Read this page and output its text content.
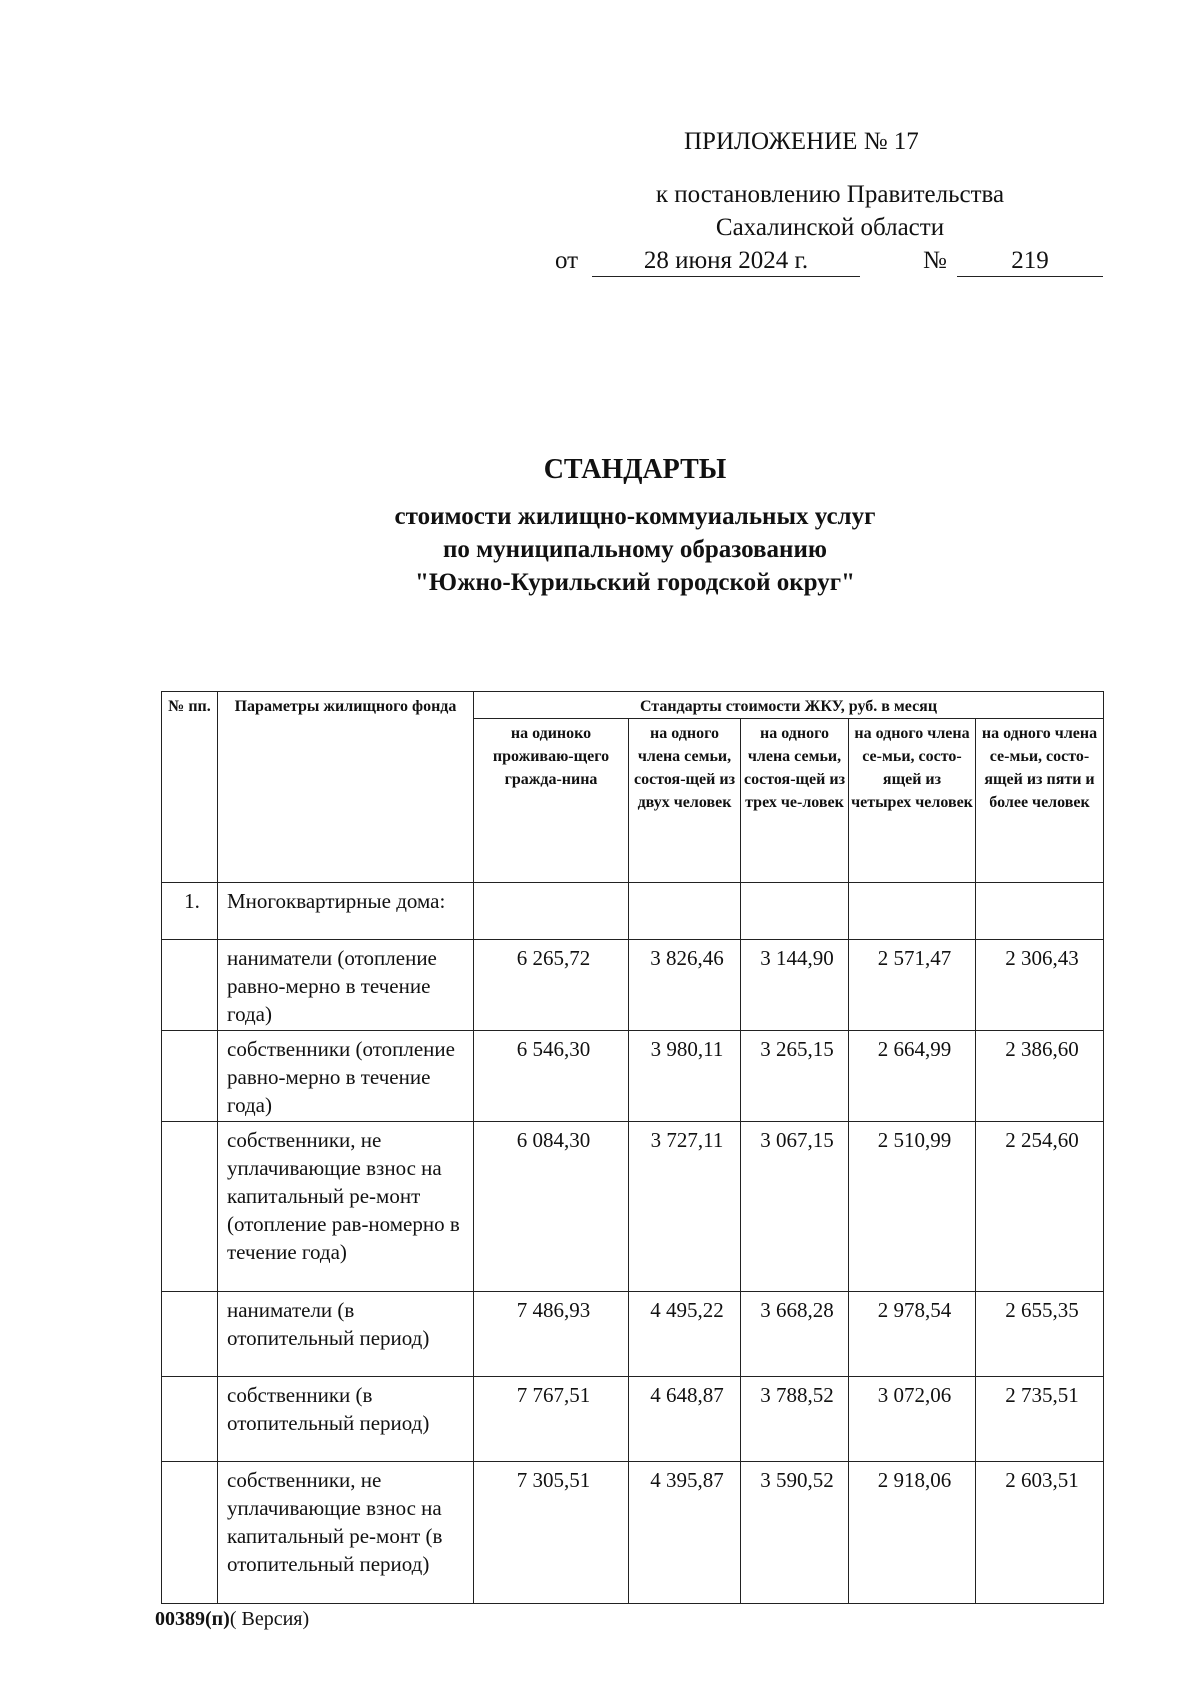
ПРИЛОЖЕНИЕ № 17
к постановлению Правительства
Сахалинской области
от	28 июня 2024 г.	№	219
СТАНДАРТЫ
стоимости жилищно-коммуиальных услуг
по муниципальному образованию
"Южно-Курильский городской округ"
№ пп.	Параметры жилищного фонда	Стандарты стоимости ЖКУ, руб. в месяц				
		на одиноко проживаю-щего гражда-нина	на одного члена семьи, состоя-щей из двух человек	на одного члена семьи, состоя-щей из трех че-ловек	на одного члена се-мьи, состо-ящей из четырех человек	на одного члена се-мьи, состо-ящей из пяти и более человек
1.	Многоквартирные дома:					
	наниматели (отопление равно-мерно в течение года)	6 265,72	3 826,46	3 144,90	2 571,47	2 306,43
	собственники (отопление равно-мерно в течение года)	6 546,30	3 980,11	3 265,15	2 664,99	2 386,60
	собственники, не уплачивающие взнос на капитальный ре-монт (отопление рав-номерно в течение года)	6 084,30	3 727,11	3 067,15	2 510,99	2 254,60
	наниматели (в отопительный период)	7 486,93	4 495,22	3 668,28	2 978,54	2 655,35
	собственники (в отопительный период)	7 767,51	4 648,87	3 788,52	3 072,06	2 735,51
	собственники, не уплачивающие взнос на капитальный ре-монт (в отопительный период)	7 305,51	4 395,87	3 590,52	2 918,06	2 603,51
00389(п)( Версия)
